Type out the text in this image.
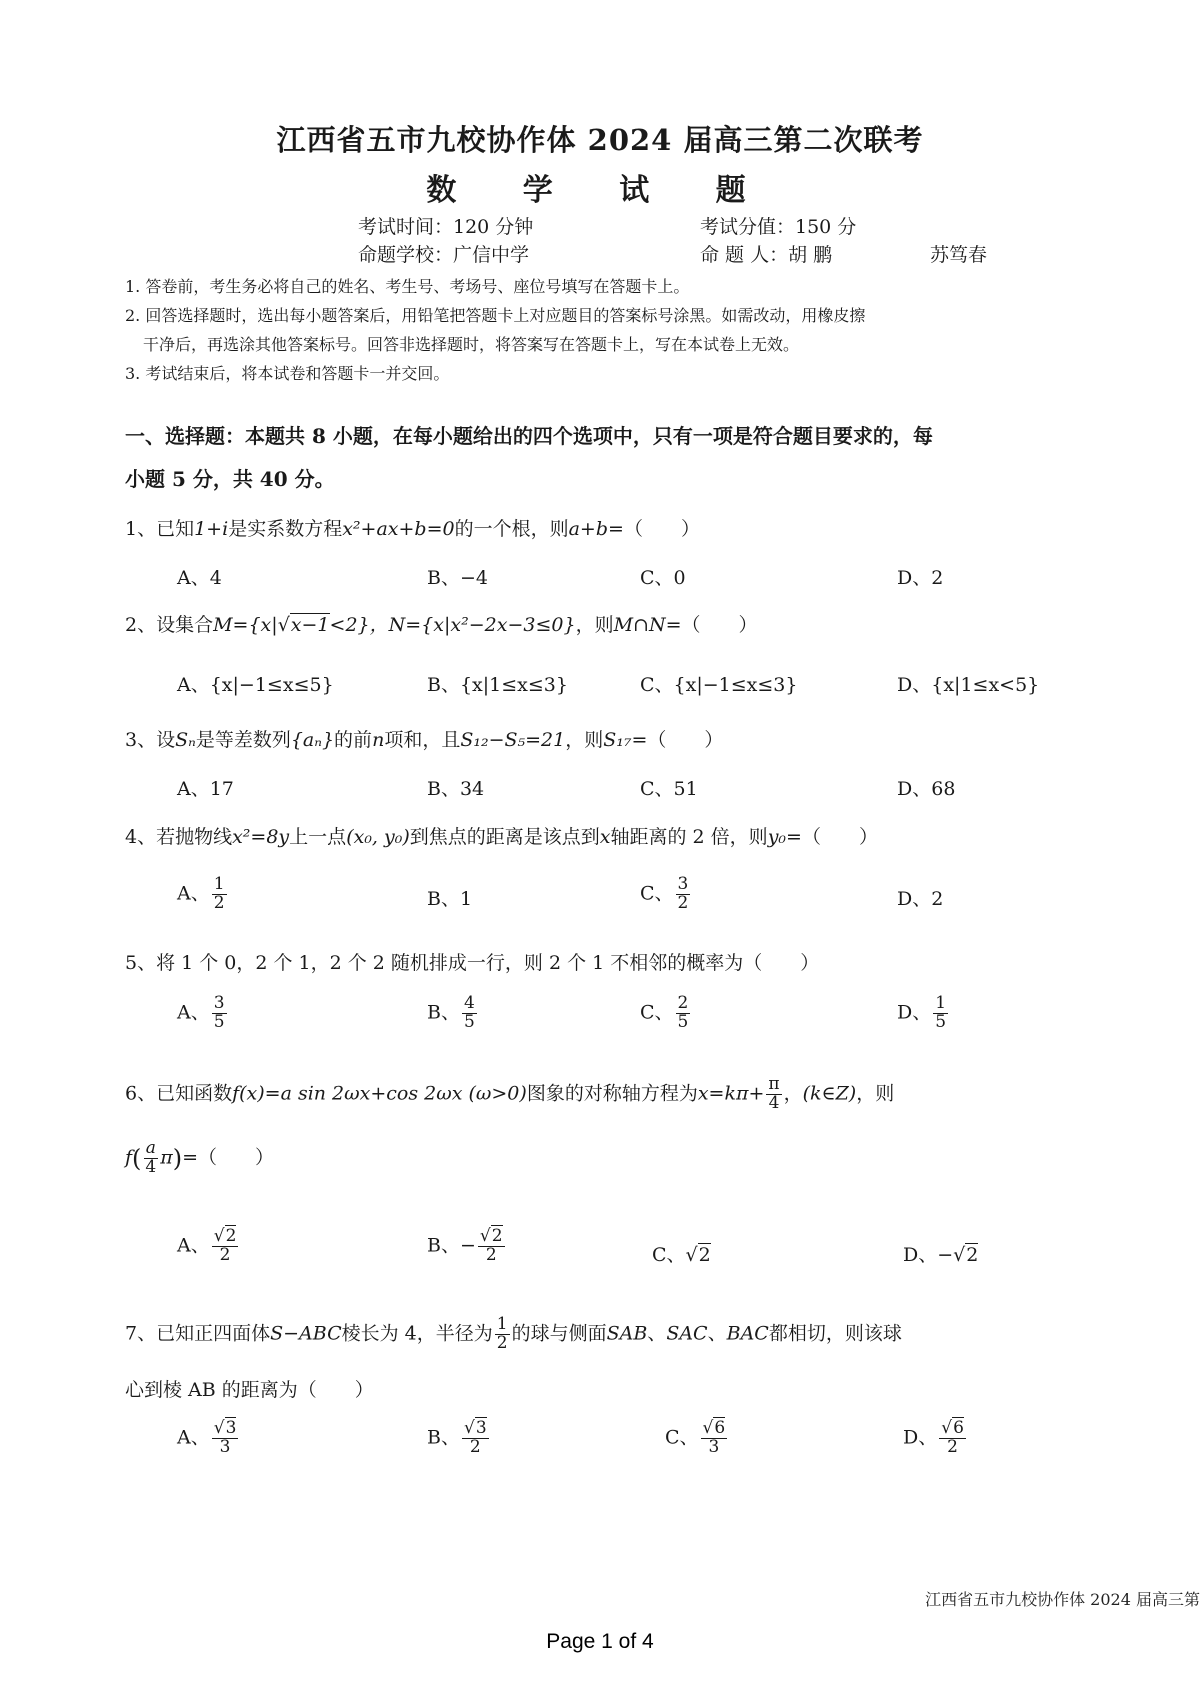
江西省五市九校协作体 2024 届高三第二次联考
数 学 试 题
考试时间：120 分钟	考试分值：150 分
命题学校：广信中学	命 题 人：胡 鹏	苏笃春
1. 答卷前，考生务必将自己的姓名、考生号、考场号、座位号填写在答题卡上。
2. 回答选择题时，选出每小题答案后，用铅笔把答题卡上对应题目的答案标号涂黑。如需改动，用橡皮擦
干净后，再选涂其他答案标号。回答非选择题时，将答案写在答题卡上，写在本试卷上无效。
3. 考试结束后，将本试卷和答题卡一并交回。
一、选择题：本题共 8 小题，在每小题给出的四个选项中，只有一项是符合题目要求的，每
小题 5 分，共 40 分。
1、已知1+i是实系数方程x²+ax+b=0的一个根，则a+b=（　　）
A、4	B、−4	C、0	D、2
2、设集合M={x|√x−1<2}，N={x|x²−2x−3≤0}，则M∩N=（　　）
A、{x|−1≤x≤5}	B、{x|1≤x≤3}	C、{x|−1≤x≤3}	D、{x|1≤x<5}
3、设Sₙ是等差数列{aₙ}的前n项和，且S₁₂−S₅=21，则S₁₇=（　　）
A、17	B、34	C、51	D、68
4、若抛物线x²=8y上一点(x₀, y₀)到焦点的距离是该点到x轴距离的 2 倍，则y₀=（　　）
A、 $\frac{1}{2}$	B、1	C、 $\frac{3}{2}$	D、2
5、将 1 个 0，2 个 1，2 个 2 随机排成一行，则 2 个 1 不相邻的概率为（　　）
A、 $\frac{3}{5}$	B、 $\frac{4}{5}$	C、 $\frac{2}{5}$	D、 $\frac{1}{5}$
6、已知函数f(x)=a sin 2ωx+cos 2ωx (ω>0)图象的对称轴方程为$x=k\pi+ \frac{\pi}{4}$ ，(k∈Z)，则
$f( \frac{a}{4} \pi)=$（　　）
A、 $\frac{√2}{2}$	B、− $\frac{√2}{2}$	C、√2	D、−√2
7、已知正四面体S−ABC棱长为 4，半径为 $\frac{1}{2}$ 的球与侧面SAB、SAC、BAC都相切，则该球
心到棱 AB 的距离为（　　）
A、 $\frac{√3}{3}$	B、 $\frac{√3}{2}$	C、 $\frac{√6}{3}$	D、 $\frac{√6}{2}$
江西省五市九校协作体 2024 届高三第
Page 1 of 4
